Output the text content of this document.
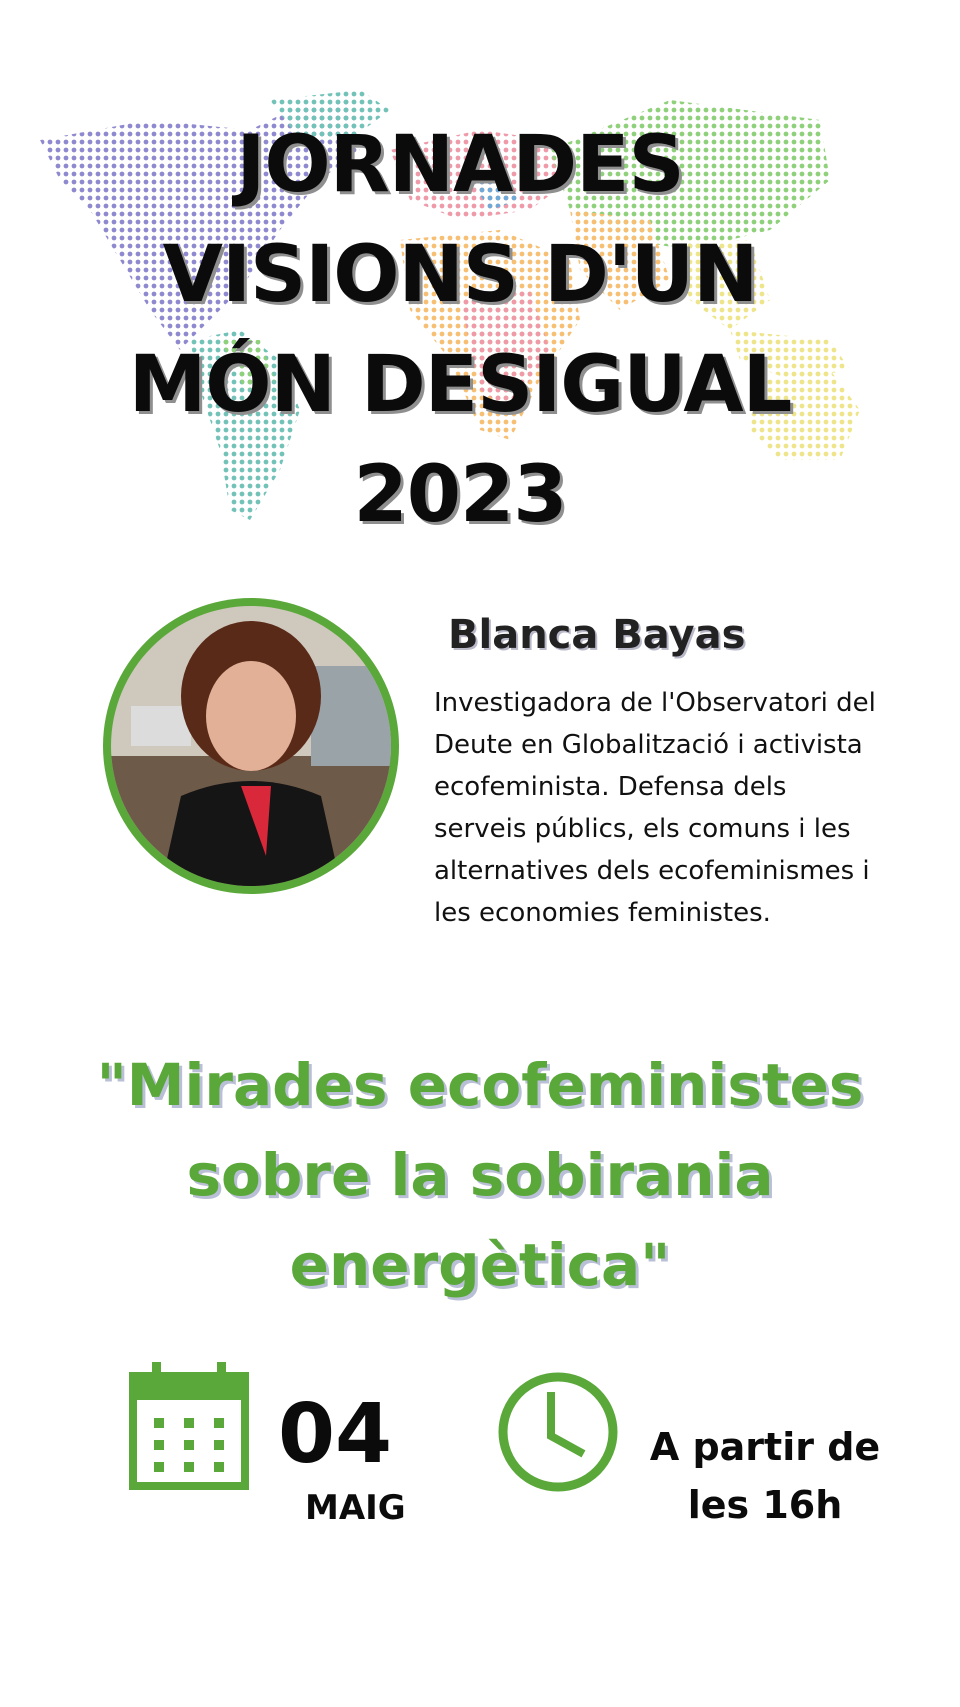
JORNADES
VISIONS D'UN
MÓN DESIGUAL
2023
Blanca Bayas
Investigadora de l'Observatori del
Deute en Globalització i activista
ecofeminista. Defensa dels
serveis públics, els comuns i les
alternatives dels ecofeminismes i
les economies feministes.
"Mirades ecofeministes
sobre la sobirania
energètica"
04
MAIG
A partir de
les 16h
